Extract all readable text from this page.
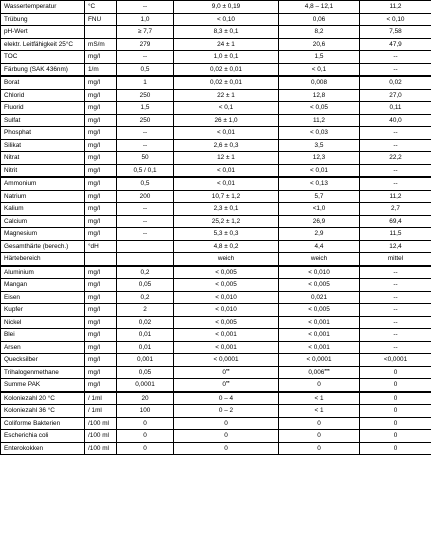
Wassertemperatur	°C	--	9,0 ± 0,19	4,8 – 12,1	11,2
Trübung	FNU	1,0	< 0,10	0,06	< 0,10
pH-Wert		≥ 7,7	8,3 ± 0,1	8,2	7,58
elektr. Leitfähigkeit 25°C	mS/m	279	24 ± 1	20,6	47,9
TOC	mg/l	--	1,0 ± 0,1	1,5	--
Färbung (SAK 436nm)	1/m	0,5	0,02 ± 0,01	< 0,1	--
Borat	mg/l	1	0,02 ± 0,01	0,008	0,02
Chlorid	mg/l	250	22 ± 1	12,8	27,0
Fluorid	mg/l	1,5	< 0,1	< 0,05	0,11
Sulfat	mg/l	250	26 ± 1,0	11,2	40,0
Phosphat	mg/l	--	< 0,01	< 0,03	--
Silikat	mg/l	--	2,6 ± 0,3	3,5	--
Nitrat	mg/l	50	12 ± 1	12,3	22,2
Nitrit	mg/l	0,5 / 0,1	< 0,01	< 0,01	--
Ammonium	mg/l	0,5	< 0,01	< 0,13	--
Natrium	mg/l	200	10,7 ± 1,2	5,7	11,2
Kalium	mg/l	--	2,3 ± 0,1	<1,0	2,7
Calcium	mg/l	--	25,2 ± 1,2	26,9	69,4
Magnesium	mg/l	--	5,3 ± 0,3	2,9	11,5
Gesamthärte (berech.)	°dH		4,8 ± 0,2	4,4	12,4
Härtebereich			weich	weich	mittel
Aluminium	mg/l	0,2	< 0,005	< 0,010	--
Mangan	mg/l	0,05	< 0,005	< 0,005	--
Eisen	mg/l	0,2	< 0,010	0,021	--
Kupfer	mg/l	2	< 0,010	< 0,005	--
Nickel	mg/l	0,02	< 0,005	< 0,001	--
Blei	mg/l	0,01	< 0,001	< 0,001	--
Arsen	mg/l	0,01	< 0,001	< 0,001	--
Quecksilber	mg/l	0,001	< 0,0001	< 0,0001	<0,0001
Trihalogenmethane	mg/l	0,05	0**	0,006***	0
Summe PAK	mg/l	0,0001	0**	0	0
Koloniezahl 20 °C	/ 1ml	20	0 – 4	< 1	0
Koloniezahl 36 °C	/ 1ml	100	0 – 2	< 1	0
Coliforme Bakterien	/100 ml	0	0	0	0
Escherichia coli	/100 ml	0	0	0	0
Enterokokken	/100 ml	0	0	0	0
